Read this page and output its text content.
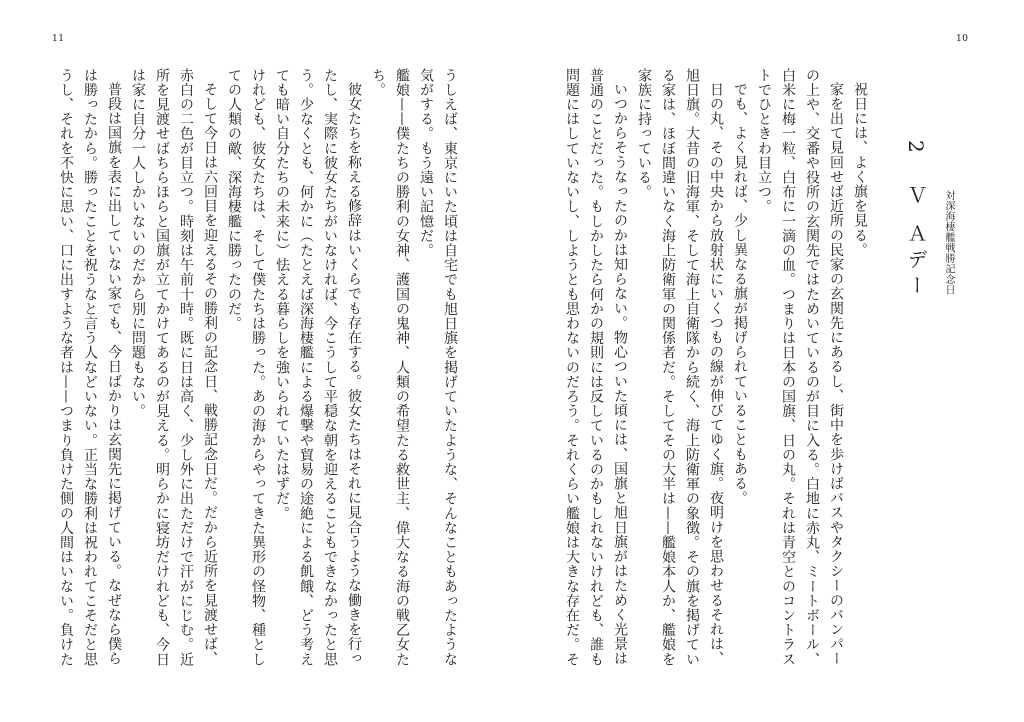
11

うしえば、東京にいた頃は自宅でも旭日旗を掲げていたような、そんなこともあったような気がする。もう遠い記憶だ。

艦娘——僕たちの勝利の女神、護国の鬼神、人類の希望たる救世主、偉大なる海の戦乙女たち。

彼女たちを称える修辞はいくらでも存在する。彼女たちはそれに見合うような働きを行ったし、実際に彼女たちがいなければ、今こうして平穏な朝を迎えることもできなかったと思う。少なくとも、何かに（たとえば深海棲艦による爆撃や貿易の途絶による飢餓、どう考えても暗い自分たちの未来に）怯える暮らしを強いられていたはずだ。

けれども、彼女たちは、そして僕たちは勝った。あの海からやってきた異形の怪物、種としての人類の敵、深海棲艦に勝ったのだ。

そして今日は六回目を迎えるその勝利の記念日、戦勝記念日だ。だから近所を見渡せば、赤白の二色が目立つ。時刻は午前十時。既に日は高く、少し外に出ただけで汗がにじむ。近所を見渡せばちらほらと国旗が立てかけてあるのが見える。明らかに寝坊だけれども、今日は家に自分一人しかいないのだから別に問題もない。

普段は国旗を表に出していない家でも、今日ばかりは玄関先に掲げている。なぜなら僕らは勝ったから。勝ったことを祝うなと言う人などいない。正当な勝利は祝われてこそだと思うし、それを不快に思い、口に出すような者は——つまり負けた側の人間はいない。負けた

10
対深海棲艦戦勝記念日
2　Ｖ Ａデー

祝日には、よく旗を見る。

家を出て見回せば近所の民家の玄関先にあるし、街中を歩けばバスやタクシーのバンパーの上や、交番や役所の玄関先ではためいているのが目に入る。白地に赤丸、ミートボール、白米に梅一粒、白布に一滴の血。つまりは日本の国旗、日の丸。それは青空とのコントラストでひときわ目立つ。

でも、よく見れば、少し異なる旗が掲げられていることもある。

日の丸、その中央から放射状にいくつもの線が伸びてゆく旗。夜明けを思わせるそれは、旭日旗。大昔の旧海軍、そして海上自衛隊から続く、海上防衛軍の象徴。その旗を掲げている家は、ほぼ間違いなく海上防衛軍の関係者だ。そしてその大半は——艦娘本人か、艦娘を家族に持っている。

いつからそうなったのかは知らない。物心ついた頃には、国旗と旭日旗がはためく光景は普通のことだった。もしかしたら何かの規則には反しているのかもしれないけれども、誰も問題にはしていないし、しようとも思わないのだろう。それくらい艦娘は大きな存在だ。そ
